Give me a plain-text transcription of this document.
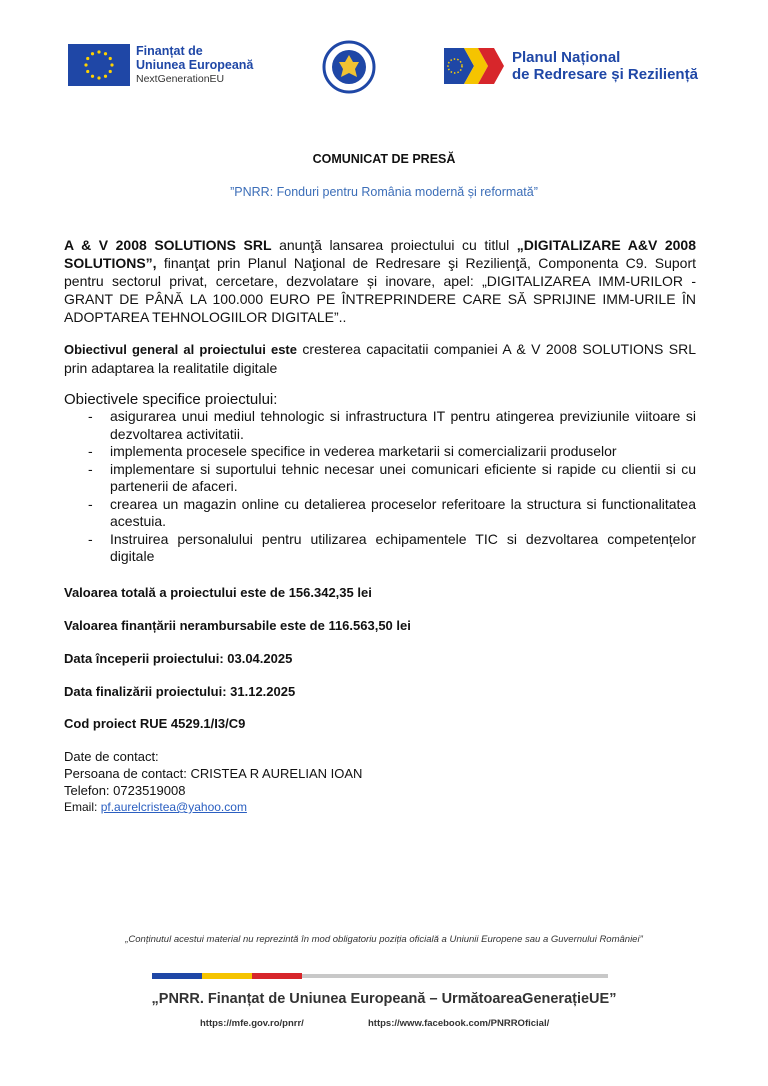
Finanțat de
Uniunea Europeană
NextGenerationEU
Planul Național
de Redresare și Reziliență
COMUNICAT DE PRESĂ
”PNRR: Fonduri pentru România modernă și reformată”
A & V 2008 SOLUTIONS SRL anunţă lansarea proiectului cu titlul „DIGITALIZARE A&V 2008 SOLUTIONS”, finanţat prin Planul Naţional de Redresare şi Rezilienţă, Componenta C9. Suport pentru sectorul privat, cercetare, dezvolatare și inovare, apel: „DIGITALIZAREA IMM-URILOR - GRANT DE PÂNĂ LA 100.000 EURO PE ÎNTREPRINDERE CARE SĂ SPRIJINE IMM-URILE ÎN ADOPTAREA TEHNOLOGIILOR DIGITALE”..
Obiectivul general al proiectului este cresterea capacitatii companiei A & V 2008 SOLUTIONS SRL prin adaptarea la realitatile digitale
Obiectivele specifice proiectului:
- asigurarea unui mediul tehnologic si infrastructura IT pentru atingerea previziunile viitoare si dezvoltarea activitatii.
- implementa procesele specifice in vederea marketarii si comercializarii produselor
- implementare si suportului tehnic necesar unei comunicari eficiente si rapide cu clientii si cu partenerii de afaceri.
- crearea un magazin online cu detalierea proceselor referitoare la structura si functionalitatea acestuia.
- Instruirea personalului pentru utilizarea echipamentele TIC si dezvoltarea competențelor digitale
Valoarea totală a proiectului este de 156.342,35 lei
Valoarea finanțării nerambursabile este de 116.563,50 lei
Data începerii proiectului: 03.04.2025
Data finalizării proiectului: 31.12.2025
Cod proiect RUE 4529.1/I3/C9
Date de contact:
Persoana de contact: CRISTEA R AURELIAN IOAN
Telefon: 0723519008
Email: pf.aurelcristea@yahoo.com
„Conținutul acestui material nu reprezintă în mod obligatoriu poziția oficială a Uniunii Europene sau a Guvernului României”
„PNRR. Finanțat de Uniunea Europeană – UrmătoareaGenerațieUE”
https://mfe.gov.ro/pnrr/	https://www.facebook.com/PNRROficial/
